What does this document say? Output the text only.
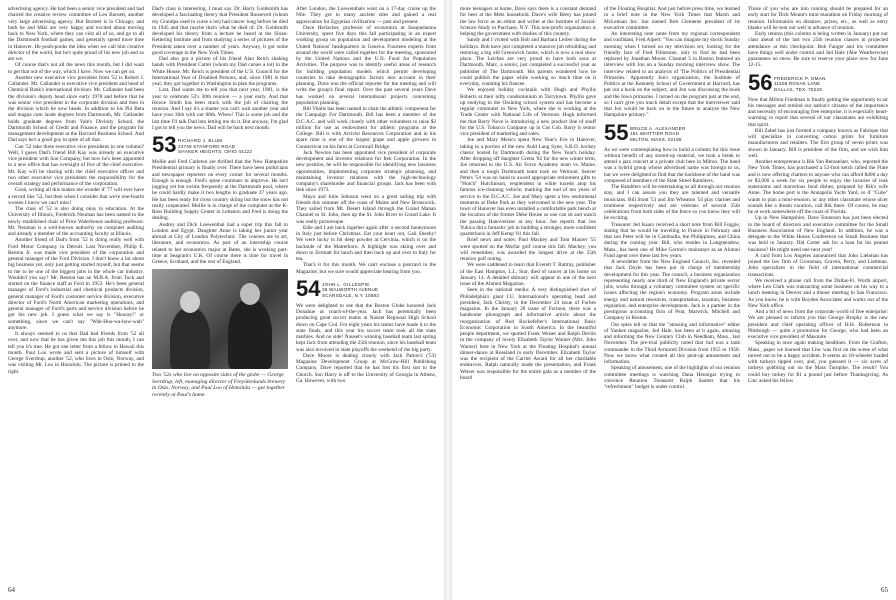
advertising agency. He had been a senior vice president and had chaired the creative review committee of Leo Burnett, another very large advertising agency. But Burnett is in Chicago, and both he and Miki are very happy and excited about moving back to New York, where they can visit all of us, and go to all the Dartmouth football games, and generally spend more time in Hanover. He pooh-poohs the idea when we call him creative director of the world, but he's quite proud of his new job and so are we.

Of course that's not all the news this month, but I did want to get that out of the way, which I have. Now we can get on.

Another new executive vice president from '52 is Robert J. Callander. Mr. Callander is executive vice president and head of Chemical Bank's international division. Mr. Callander had been the division's deputy head since early 1978 and before that he was senior vice president in the corporate division and then in the division which he now heads. In addition to his Phi Beta and magna cum laude degrees from Dartmouth, Mr. Callander holds graduate degrees from Yale's Divinity School, the Dartmouth School of Credit and Finance, and the program for management development at the Harvard Business School. And Dad says he's a good guy in spite of all that.

Can '52 take three executive vice presidents in one column? Well, I guess Dad's friend Bill Kay was already an executive vice president with Sun Company, but now he's been appointed to a new office that has oversight of five of the chief executive. Mr. Kay will be sharing with the chief executive officer and two other executive vice presidents the responsibility for the overall strategy and performance of the corporation.

Gosh, writing all this makes me wonder if '77 will ever have a record like '52, but then when I consider that we're one-fourth women I know we can't miss!

The class of '52 is also doing okay in education. At the University of Illinois, Frederick Neuman has been named to the newly established chair of Price Waterhouse auditing professor. Mr. Neuman is a well-known authority on computer auditing and already a member of the accounting faculty at Illinois.

Another friend of Dad's from '52 is doing really well with Ford Motor Company in Detroit. Last November, Philip E. Benton Jr. was made vice president of the corporation and general manager of the Ford Division. I don't know a lot about big business yet, only just getting started myself, but that seems to me to be one of the biggest jobs in the whole car industry. Wouldn't you say? Mr. Benton has an M.B.A. from Tuck and started on the finance staff at Ford in 1953. He's been general manager of Ford's industrial and chemical products division, general manager of Ford's customer service division, executive director of Ford's North American marketing operations, and general manager of Ford's parts and service division before he got his new job. I guess what we say is "Hooray!" or something, since we can't say "Wah-Hoo-wa-how-wah" anymore.

It always seemed to us that Dad had friends from '52 all over, and now that he has given me this job this month, I can tell you it's true. He got one letter from a fellow in Hawaii this month. Paul Loo wrote and sent a picture of himself with George Sverdrup, another '52, who lives in Oslo, Norway, and was visiting Mr. Loo in Honolulu. The picture is printed to the right.

Dad's class is interesting, I must say. Dr. Harry Goldsmith has developed a fascinating theory that President Roosevelt (whom my Grandpa used to curse a lot) had cancer long before he died in 1945 and that maybe that's what he died of. Dr. Goldsmith developed his theory from a lecture he heard at the Sloan-Kettering Institute and from studying a series of pictures of the President taken over a number of years. Anyway, it got some good coverage in the New York Times.

Dad also got a picture of his friend Alan Reich shaking hands with President Carter (whom my Dad curses a lot) in the White House. Mr. Reich is president of the U.S. Council for the International Year of Disabled Persons, and, since 1981 is that year, they got together in Washington to plan the programs.

Last, Dad wants me to tell you that next year, 1981, is the year to celebrate 52's 30th reunion — a year early. And that Howie Smith has been stuck with the job of chairing the reunion. And I say it's a shame you can't wait another year and have your 30th with our 60th. Whew! This is some job and the last time I'll talk Dad into letting me do it. But anyway, I'm glad I got to tell you the news. Dad will be back next month.

53 RICHARD J. BLUM
23749 STANFORD ROAD
SHAKER HEIGHTS, OHIO 44122

Mollie and Fred Carleton are thrilled that the New Hampshire Presidential primary is finally over. There have been politicians and newspaper reporters on every corner for several months. Enough is enough. Fred's spine continues to improve. He isn't jogging yet but swims frequently at the Dartmouth pool, where he could hardly make it two lengths to graduate 27 years ago. He has been ready for cross country skiing but the snow has not really cooperated. Mollie is in charge of the computer at the K-Ross Building Supply Center in Lebanon and Fred is doing the dealing.

Audrey and Dick Loewenthal had a super trip this fall to London and Egypt. Daughter Anne is taking her junior year abroad at City of London Polytechnic. The courses are in art, literature, and economics. As part of an internship course related to her economics major at Bates, she is working part-time at Seagram's U.K. Of course there is time for travel in Greece, Scotland, and the rest of England.

Two '52s who live on opposite sides of the globe — George Sverdrup, left, managing director of Freyidenlunds brewery in Oslo, Norway, and Paul Loo of Honolulu — got together recently at Paul's home.

After London, the Loewenthals went on a 17-day cruise up the Nile. They got to many ancient sites and gained a real appreciation for Egyptian civilization — past and present.

Dave Herlacher, professor of economics at Susquehanna University, spent five days this fall participating in an expert working group on population and development modeling at the United Nations' headquarters in Geneva. Fourteen experts from around the world were called together for the meeting, sponsored by the United Nations and the U.N. Fund for Population Activities. The purpose was to identify useful areas of research for building population models which permit developing countries to take demographic factors into account in their planning. Dave was the official reporter for the meeting and will write the group's final report. Over the past several years Dave has worked on several international projects concerning population planning.

Bill Vitalis has been named to chair the athletic component for the Campaign For Dartmouth. Bill has been a member of the D.C.A.C. and will work closely with other volunteers to raise $2 million for use as endowment for athletic programs at the College. Bill is with Activist Resources Corporation and in his spare time is one of the largest grape and apple growers in Connecticut on his farm at Cornwall Bridge.

Jack Newton has been appointed vice president of corporate development and investor relations for Itek Corporation. In the new position, he will be responsible for identifying new business opportunities, implementing corporate strategic planning, and maintaining investor relations with the high-technology company's shareholder and financial groups. Jack has been with Itek since 1973.

Mayo and Julie Johnson went on a great sailing trip with friends this summer off the coast of Maine and New Brunswick. They sailed from Mt. Desert Island through the Grand Manan Channel to St. John, then up the St. John River to Grand Lake. It was really picturesque.

Edie and I are back together again after a second honeymoon in Italy just before Christmas. Eat your heart out, Gail Sheehy! We were lucky to hit deep powder at Cervinia, which is on the backside of the Matterhorn. A highlight was skiing over and down to Zermatt for lunch and then back up and over to Italy for tea.

That's it for this month. We can't enclose a postcard in the Magazine, but we sure would appreciate hearing from you.

54 JOHN L. GILLESPIE
39 WALWORTH AVENUE
SCARSDALE, N.Y. 10583

We were delighted to see that the Boston Globe honored Jack Donahue as coach-of-the-year. Jack has perennially been producing great soccer teams at Nauset Regional High School down on Cape Cod. For eight years his teams have made it to the state finals, and this year his soccer team took all the state marbles. And no side! Nauset's winning baseball team last spring kept Jack from attending the 25th reunion, since his baseball team was also involved in state playoffs the weekend of the big party.

Dave Moore is dealing closely with Jack Patton's ('53) Magazine Development Group at McGraw-Hill Publishing Company. Dave reported that he has lost his first son to the Church. Son Harry is off to the University of Georgia in Athens, Ga. However, with two

64

more teenagers at home, Dave says there is a constant demand for beer at the Metz household. Dave's wife Betsy has joined the law force as an editor and writer at the Institute of Social-Science Study in Purchase, N.Y. This non-profit organization is helping the government with studies of this country.

Sandy and I visited with Bob and Barbara Leiber during the holidays. Bob have just completed a massive job rebuilding and restoring a big old Greenwich home, which is now a real show place. The Leiches are very proud to have both sons at Dartmouth. Marc, a senior, just completed a successful year as publisher of The Dartmouth. His parents wondered how he could publish the paper while working so much time on it everyday, counting his fiancee.

We enjoyed holiday cocktails with Hugh and Phyllis Roberts at their nifty condominium in Tarrytown. Phyllis gave up studying in the Ossining school system and has become a regular commuter to New York, where she is working at the Trade Center with National Life of Vermont. Hugh informed me that Barry Nove is introducing a new product line of snuff for the U.S. Tobacco Company up in Cos Cob. Barry is senior vice president of marketing and sales.

Joe and Mary Mesics spent New Year's Eve in Hanover, taking in a portion of the new Auld Lang Syne, S.R.O. hockey classic hosted by Dartmouth during the New Year's holiday. After dropping off daughter Gretta '82 for the new winter term, Joe returned to the U.S. Air Force Academy team vs. Maine, and then a tough Dartmouth team took on Vermont. Seaver Peters '54 was on hand to award appropriate retirement gifts to "Hutch" Hutchinson, resplendent in white tuxedo atop his famous ice-cleaning vehicle, marking the end of ten years of service to the D.C.A.C. Joe and Mary spent a few sentimental moments at Deke Park as they welcomed in the new year. The town of Hanover has even installed a comfortable park bench at the location of the former Deke House so one can sit and watch the passing Hanoverians at any hour. Joe reports that Jon Yukica did a fantastic job in building a stronger, more confident quarterback in Jeff Kemp '81 this fall.

Brief news and notes: Paul Mackey and Tom Maurer '55 were spotted on the Morfar golf course this fall. Mackey, you will remember, was awarded the longest drive at the 25th reunion golf outing.

We were saddened to learn that Everett T. Rattray, publisher of the East Hampton, L.I., Star, died of cancer at his home on January 14. A detailed obituary will appear in one of the next issue of the Alumni Magazine.

Seen in the national media: A very distinguished shot of Philadelphia's giant I.U. International's operating head and president, Jack Christy, in the December 24 issue of Forbes magazine. In the January 28 issue of Fortune, there was a handsome photograph and informative article about the reorganization of Rod Rockefeller's International Basic Economic Corporation in South America. In the beautiful people department, we spotted Frank Weiser and Ralph Devlin in the company of lovely Elizabeth Taylor Warner (Mrs. John Warner) here in New York at the Floating Hospital's annual dinner-dance at Roseland in early December. Elizabeth Taylor was the recipient of the Carrier Award for all her charitable endeavors. Ralph naturally made the presentation, and Frank Weiser was responsible for the entire gala as a member of the board

of the Floating Hospital. And just before press time, we learned in a brief note in the New York Times that Marsh and McLennan Inc. has named Bob Clements president of its executive committee.

An interesting note came from my regional correspondent and confidant, Fred Alpert: "You can imagine my shock Sunday morning when I turned on my television set, looking for the friendly face of Fred Filmstone, only to find he had been replaced by Jonathan Moore. Channel 5 in Boston featured an interview with Jon on a Sunday morning interview show. The interview related to an analysis of 'The Politics of Presidential Primaries.' Apparently Jon's organization, the Institute of Politics at the Kennedy School of Government at Harvard, has put out a book on the subject, and Jon was discussing the book and the Iowa primaries. I turned on the program just at the end, so I can't give you much detail except that the interviewer said that Jon would be back on in the future to analyze the New Hampshire primary."

55 BRUCE A. ALEXANDER
181 WHITTIER ROAD
MILTON, MASS. 02186

As we were contemplating how to build a column for this issue without benefit of any stored-up material, we took a break to attend a jazz concert at a private club here in Milton. The band was a hybrid group whose advertised name was foreign to us, but we were delighted to find that the backbone of the band was composed of members of the State Street Ramblers.

The Ramblers will be entertaining us all through our reunion stay, and I can assure you they are talented and versatile musicians. Bill Stout '51 and Jim Wheaton '54 play clarinet and trombone respectively and are veterans of several 25th celebrations from both sides of the fence so you know they will be exciting.

Treasurer Jed Isaacs received a short note from Bill Foggie, stating that he would be traveling to France in February and that son Peter will be in Cambodia, the Philippines, and China during the coming year. Bill, who resides in Longmeadow, Mass., has been one of Mike Gorton's mainstays as an Alumni Fund agent over these last few years.

A newsletter from the New England Council, Inc. revealed that Jack Doyle has been put in charge of membership development for this year. The council, a business organization representing nearly one third of New England's private sector jobs, works through a voluntary committee system on specific issues affecting the region's economy. Program areas include energy and natural resources, transportation, taxation, business regulation, and enterprise development. Jack is a partner in the prestigious accounting firm of Peat, Marwick, Mitchell and Company in Boston.

Our spies tell us that the "amusing and informative" editor of Yankee magazine, Jud Hale, has been at it again, amusing and informing the New Century Club in Needham, Mass., last November. The pre-trial publicity noted that Jud was a tank commander in the Third Armored Division from 1955 to 1958. Now we know what created all this pent-up amusement and information.

Speaking of amusement, one of the highlights of our reunion committee meetings is watching Dana Hennigar trying to convince Reunion Treasurer Ralph Sautter that his "refreshment" budget is under control.

Those of you who are into running should be prepared for an early start for Dick Mount's mini-marathon on Friday morning of reunion. Information on distance, prizes, etc., as well as entry blanks will be sent out well in advance of reunion.

Early returns (this column is being written in January) put our class ahead of the last two 25th reunion classes in projected attendance at this checkpoint. Bob Fanger and his committee have things well under control and Jud Hale (Abe Weatherwise) guarantees no snow. Be sure to reserve your place now for June 12-15.

56 FREDERICK P. OMAN
11508 ROSAK LANE
DALLAS, TEX. 75229

Now that Milton Friedman is finally getting the opportunity to air his messages and remind our nation's citizens of the importance and necessity of encouraging free enterprise, it is especially heart-warming to report that several of our classmates are exhibiting that spirit.

Bill Zabel has just formed a company known as Fabrique that will specialize in converting cotton prints for furniture manufacturers and retailers. The first group of seven prints was shown in January. Bill is president of the firm, and we wish him well.

Another entrepreneur is Rik Van Rensselaer, who, reported the New York Times, has purchased a 52-foot ketch called the Flute and is now offering charters to anyone who can afford $400 a day or $3,000 a week for six people to enjoy the luxuries of teak staterooms and marvelous food dishes, prepared by Rik's wife Anne. The home port is the Annapolis Yacht Yard, so if "Cube" wants to plan a mini-reunion, or any other classmate whose ulcer sounds like a dream vacation, call Rik there. Of course, he may be at work somewhere off the coast of Florida.

Up in New Hampshire, Dave Tonneson has just been elected to the board of directors and executive committee for the Small Business Association of New England. In addition, he was a delegate to the White House Conference on Small Business that was held in January. Did Carter ask for a loan for his peanut business? He might need one next year!

A card from Los Angeles announced that John Liebman has joined the law firm of Grossman, Graven, Perry, and Liebman. John specializes in the field of international commercial transactions.

We received a phone call from the Dallas-Ft. Worth airport, where Len Clark was transacting some business on his way to a lunch meeting in Denver and a dinner meeting in San Francisco. As you know, he is with Boyden Associates and works out of the New York office.

And a bit of news from the corporate world of free enterprise: We are pleased to inform you that George Brophy is the new president and chief operating officer of H.H. Robertson in Pittsburgh — quite a promotion for George, who had been an executive vice president of Masonite.

Speaking in once again making headlines. From the Grafton, Mass., paper we learned that Linc was first on the scene of what turned out to be a happy accident. It seems an 18-wheeler loaded with turkeys tipped over, and, you guessed it — six acres of turkeys gobbling out on the Mass Turnpike. The result? You could buy turkey for $1 a pound just before Thanksgiving. As Linc asked his fellow

65
